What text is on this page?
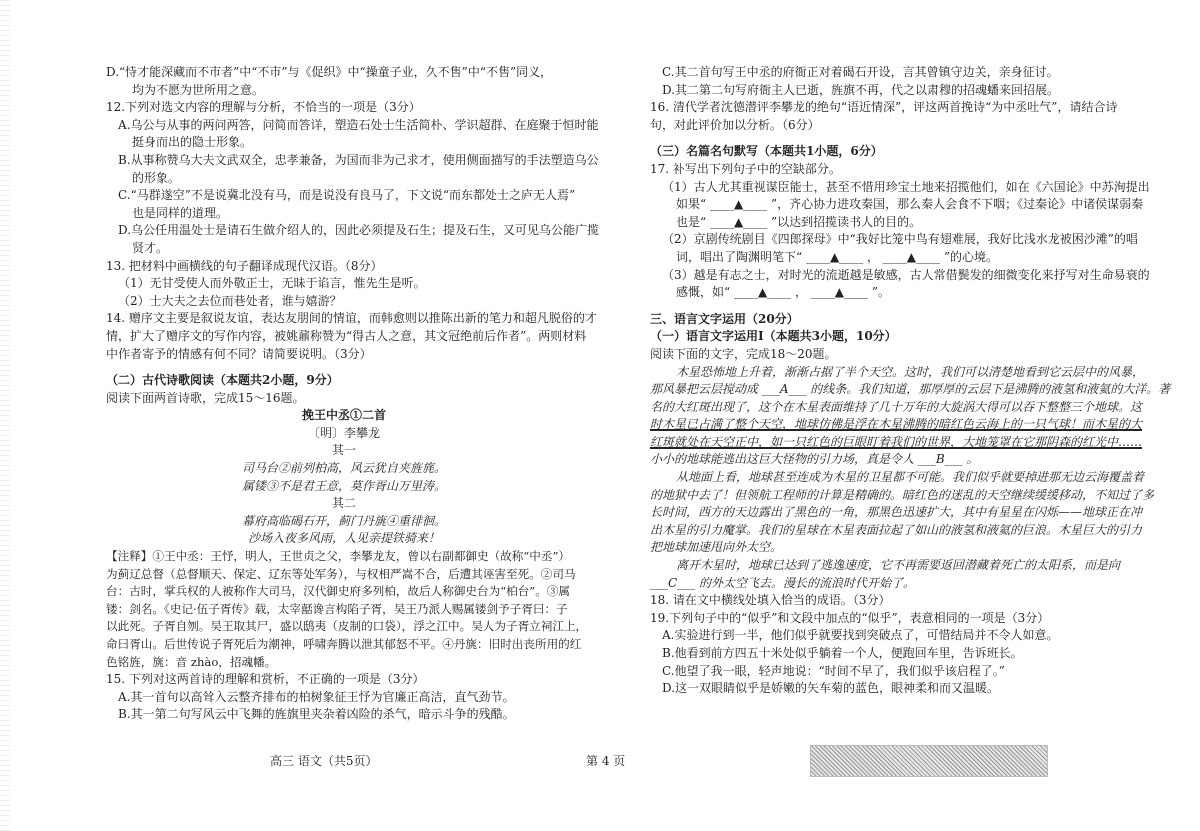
D.“恃才能深藏而不市者”中“不市”与《促织》中“操童子业，久不售”中“不售”同义，
均为不愿为世所用之意。
12.下列对选文内容的理解与分析，不恰当的一项是（3分）
A.乌公与从事的两问两答，问简而答详，塑造石处士生活简朴、学识超群、在庭聚于恒时能
挺身而出的隐士形象。
B.从事称赞乌大夫文武双全，忠孝兼备，为国而非为己求才，使用侧面描写的手法塑造乌公
的形象。
C.“马群遂空”不是说冀北没有马，而是说没有良马了，下文说“而东都处士之庐无人焉”
也是同样的道理。
D.乌公任用温处士是请石生做介绍人的，因此必须提及石生；提及石生，又可见乌公能广揽
贤才。
13. 把材料中画横线的句子翻译成现代汉语。（8分）
（1）无甘受使人而外敬正士，无昧于谄言，惟先生是听。
（2）士大夫之去位而巷处者，谁与嬉游？
14. 赠序文主要是叙说友谊，表达友朋间的情谊，而韩愈则以推陈出新的笔力和超凡脱俗的才
情，扩大了赠序文的写作内容，被姚鼐称赞为“得古人之意，其文冠绝前后作者”。两则材料
中作者寄予的情感有何不同？请简要说明。（3分）
（二）古代诗歌阅读（本题共2小题，9分）
阅读下面两首诗歌，完成15～16题。
挽王中丞①二首
〔明〕李攀龙
其一
司马台②前列柏高，风云犹自夹旌旄。
属镂③不是君王意，莫作胥山万里涛。
其二
幕府高临碣石开，蓟门丹旐④重徘徊。
沙场入夜多风雨，人见亲提铁骑来！
【注释】①王中丞：王忬，明人，王世贞之父，李攀龙友，曾以右副都御史（故称“中丞”）
为蓟辽总督（总督顺天、保定、辽东等处军务），与权相严嵩不合，后遭其诬害至死。②司马
台：古时，掌兵权的人被称作大司马，汉代御史府多列柏，故后人称御史台为“柏台”。③属
镂：剑名。《史记·伍子胥传》载，太宰嚭谗言构陷子胥，吴王乃派人赐属镂剑予子胥曰：子
以此死。子胥自刎。吴王取其尸，盛以鸱夷（皮制的口袋），浮之江中。吴人为子胥立祠江上，
命曰胥山。后世传说子胥死后为潮神，呼啸奔腾以泄其郁怒不平。④丹旐：旧时出丧所用的红
色铭旌，旐：音 zhào，招魂幡。
15. 下列对这两首诗的理解和赏析，不正确的一项是（3分）
A.其一首句以高耸入云整齐排布的柏树象征王忬为官廉正高洁，直气劲节。
B.其一第二句写风云中飞舞的旌旗里夹杂着凶险的杀气，暗示斗争的残酷。
C.其二首句写王中丞的府衙正对着碣石开设，言其曾镇守边关，亲身征讨。
D.其二第二句写府衙主人已逝，旌旗不再，代之以肃穆的招魂蟠来回招展。
16. 清代学者沈德潜评李攀龙的绝句“语近情深”，评这两首挽诗“为中丞吐气”，请结合诗
句，对此评价加以分析。（6分）
（三）名篇名句默写（本题共1小题，6分）
17. 补写出下列句子中的空缺部分。
（1）古人尤其重视谋臣能士，甚至不惜用珍宝土地来招揽他们，如在《六国论》中苏洵提出
如果“ ____▲____ ”，齐心协力进攻秦国，那么秦人会食不下咽；《过秦论》中诸侯谋弱秦
也是“ ____▲____ ”以达到招揽读书人的目的。
（2）京剧传统剧目《四郎探母》中“我好比笼中鸟有翅难展，我好比浅水龙被困沙滩”的唱
词，唱出了陶渊明笔下“ ____▲____ ， ____▲____ ”的心境。
（3）越是有志之士，对时光的流逝越是敏感，古人常借鬓发的细微变化来抒写对生命易衰的
感慨，如“ ____▲____ ， ____▲____ ”。
三、语言文字运用（20分）
（一）语言文字运用Ⅰ（本题共3小题，10分）
阅读下面的文字，完成18～20题。
木星恐怖地上升着，渐渐占据了半个天空。这时，我们可以清楚地看到它云层中的风暴，
那风暴把云层搅动成 ___A___ 的线条。我们知道，那厚厚的云层下是沸腾的液氢和液氦的大洋。著
名的大红斑出现了，这个在木星表面维持了几十万年的大旋涡大得可以吞下整整三个地球。这
时木星已占满了整个天空，地球仿佛是浮在木星沸腾的暗红色云海上的一只气球！而木星的大
红斑就处在天空正中，如一只红色的巨眼盯着我们的世界，大地笼罩在它那阴森的红光中……
小小的地球能逃出这巨大怪物的引力场，真是令人 ___B___ 。
从地面上看，地球甚至连成为木星的卫星都不可能。我们似乎就要掉进那无边云海覆盖着
的地狱中去了！但领航工程师的计算是精确的。暗红色的迷乱的天空继续缓缓移动，不知过了多
长时间，西方的天边露出了黑色的一角，那黑色迅速扩大，其中有星星在闪烁——地球正在冲
出木星的引力魔掌。我们的星球在木星表面拉起了如山的液氢和液氦的巨浪。木星巨大的引力
把地球加速甩向外太空。
离开木星时，地球已达到了逃逸速度，它不再需要返回潜藏着死亡的太阳系，而是向
___C___ 的外太空飞去。漫长的流浪时代开始了。
18. 请在文中横线处填入恰当的成语。（3分）
19.下列句子中的“似乎”和文段中加点的“似乎”，表意相同的一项是（3分）
A.实验进行到一半，他们似乎就要找到突破点了，可惜结局并不令人如意。
B.他看到前方四五十米处似乎躺着一个人，便跑回车里，告诉班长。
C.他望了我一眼，轻声地说：“时间不早了，我们似乎该启程了。”
D.这一双眼睛似乎是娇嫩的矢车菊的蓝色，眼神柔和而又温暖。
高三 语文（共5页）	第 4 页
